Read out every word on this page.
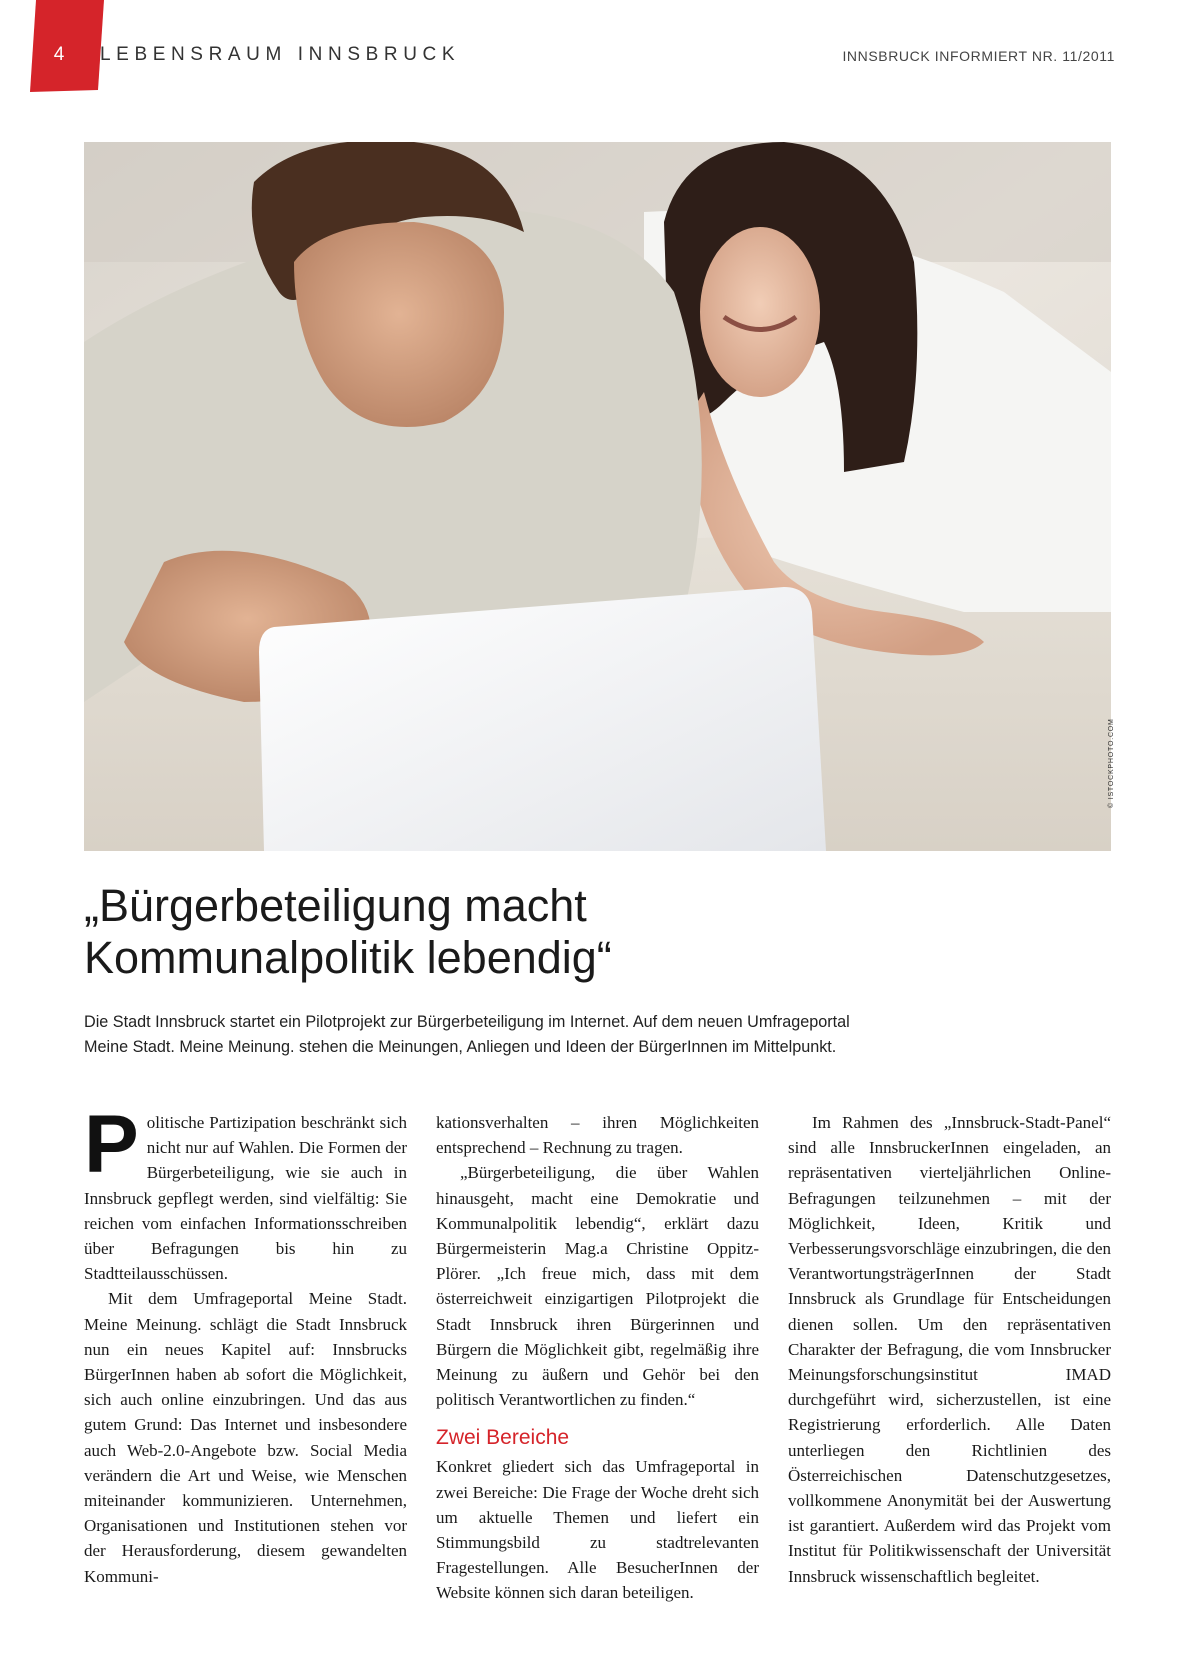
4	LEBENSRAUM INNSBRUCK	INNSBRUCK INFORMIERT NR. 11/2011
© ISTOCKPHOTO.COM
„Bürgerbeteiligung macht
Kommunalpolitik lebendig“
Die Stadt Innsbruck startet ein Pilotprojekt zur Bürgerbeteiligung im Internet. Auf dem neuen Umfrageportal
Meine Stadt. Meine Meinung. stehen die Meinungen, Anliegen und Ideen der BürgerInnen im Mittelpunkt.

Politische Partizipation beschränkt sich nicht nur auf Wahlen. Die Formen der Bürgerbeteiligung, wie sie auch in Innsbruck gepflegt werden, sind vielfältig: Sie reichen vom einfachen Informationsschreiben über Befragungen bis hin zu Stadtteilausschüssen.

Mit dem Umfrageportal Meine Stadt. Meine Meinung. schlägt die Stadt Innsbruck nun ein neues Kapitel auf: Innsbrucks BürgerInnen haben ab sofort die Möglichkeit, sich auch online einzubringen. Und das aus gutem Grund: Das Internet und insbesondere auch Web-2.0-Angebote bzw. Social Media verändern die Art und Weise, wie Menschen miteinander kommunizieren. Unternehmen, Organisationen und Institutionen stehen vor der Herausforderung, diesem gewandelten Kommuni-

kationsverhalten – ihren Möglichkeiten entsprechend – Rechnung zu tragen.

„Bürgerbeteiligung, die über Wahlen hinausgeht, macht eine Demokratie und Kommunalpolitik lebendig“, erklärt dazu Bürgermeisterin Mag.a Christine Oppitz-Plörer. „Ich freue mich, dass mit dem österreichweit einzigartigen Pilotprojekt die Stadt Innsbruck ihren Bürgerinnen und Bürgern die Möglichkeit gibt, regelmäßig ihre Meinung zu äußern und Gehör bei den politisch Verantwortlichen zu finden.“

Zwei Bereiche

Konkret gliedert sich das Umfrageportal in zwei Bereiche: Die Frage der Woche dreht sich um aktuelle Themen und liefert ein Stimmungsbild zu stadtrelevanten Fragestellungen. Alle BesucherInnen der Website können sich daran beteiligen.

Im Rahmen des „Innsbruck-Stadt-Panel“ sind alle InnsbruckerInnen eingeladen, an repräsentativen vierteljährlichen Online-Befragungen teilzunehmen – mit der Möglichkeit, Ideen, Kritik und Verbesserungsvorschläge einzubringen, die den VerantwortungsträgerInnen der Stadt Innsbruck als Grundlage für Entscheidungen dienen sollen. Um den repräsentativen Charakter der Befragung, die vom Innsbrucker Meinungsforschungsinstitut IMAD durchgeführt wird, sicherzustellen, ist eine Registrierung erforderlich. Alle Daten unterliegen den Richtlinien des Österreichischen Datenschutzgesetzes, vollkommene Anonymität bei der Auswertung ist garantiert. Außerdem wird das Projekt vom Institut für Politikwissenschaft der Universität Innsbruck wissenschaftlich begleitet.
